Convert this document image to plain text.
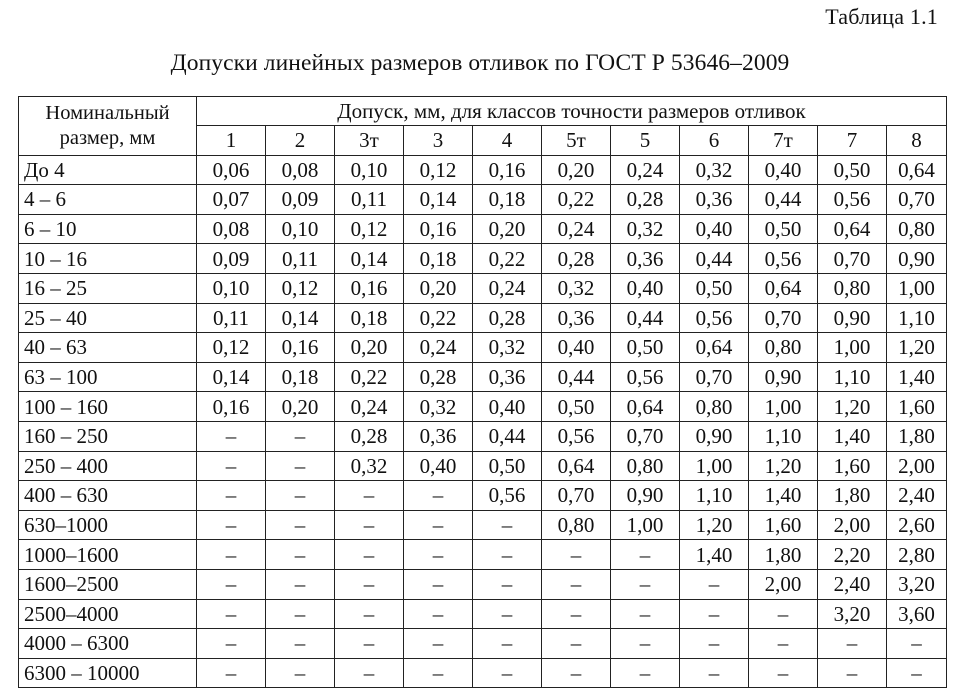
Таблица 1.1
Допуски линейных размеров отливок по ГОСТ Р 53646–2009
Номинальный
размер, мм	Допуск, мм, для классов точности размеров отливок										
	1	2	3т	3	4	5т	5	6	7т	7	8
До 4	0,06	0,08	0,10	0,12	0,16	0,20	0,24	0,32	0,40	0,50	0,64
4 – 6	0,07	0,09	0,11	0,14	0,18	0,22	0,28	0,36	0,44	0,56	0,70
6 – 10	0,08	0,10	0,12	0,16	0,20	0,24	0,32	0,40	0,50	0,64	0,80
10 – 16	0,09	0,11	0,14	0,18	0,22	0,28	0,36	0,44	0,56	0,70	0,90
16 – 25	0,10	0,12	0,16	0,20	0,24	0,32	0,40	0,50	0,64	0,80	1,00
25 – 40	0,11	0,14	0,18	0,22	0,28	0,36	0,44	0,56	0,70	0,90	1,10
40 – 63	0,12	0,16	0,20	0,24	0,32	0,40	0,50	0,64	0,80	1,00	1,20
63 – 100	0,14	0,18	0,22	0,28	0,36	0,44	0,56	0,70	0,90	1,10	1,40
100 – 160	0,16	0,20	0,24	0,32	0,40	0,50	0,64	0,80	1,00	1,20	1,60
160 – 250	–	–	0,28	0,36	0,44	0,56	0,70	0,90	1,10	1,40	1,80
250 – 400	–	–	0,32	0,40	0,50	0,64	0,80	1,00	1,20	1,60	2,00
400 – 630	–	–	–	–	0,56	0,70	0,90	1,10	1,40	1,80	2,40
630–1000	–	–	–	–	–	0,80	1,00	1,20	1,60	2,00	2,60
1000–1600	–	–	–	–	–	–	–	1,40	1,80	2,20	2,80
1600–2500	–	–	–	–	–	–	–	–	2,00	2,40	3,20
2500–4000	–	–	–	–	–	–	–	–	–	3,20	3,60
4000 – 6300	–	–	–	–	–	–	–	–	–	–	–
6300 – 10000	–	–	–	–	–	–	–	–	–	–	–
